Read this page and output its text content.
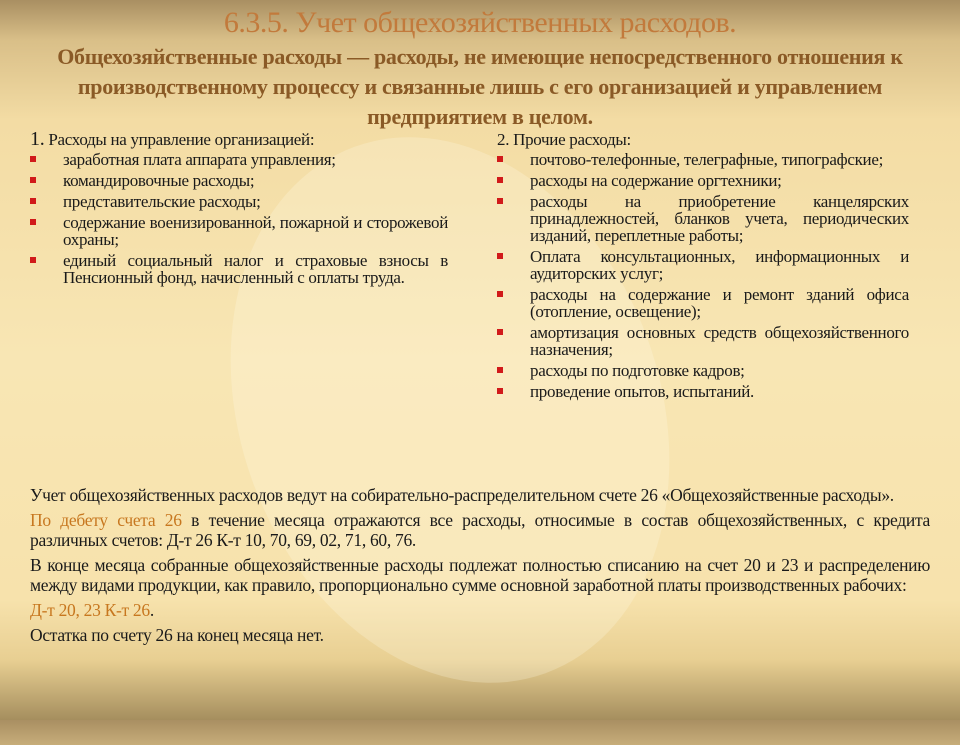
6.3.5. Учет общехозяйственных расходов.
Общехозяйственные расходы — расходы, не имеющие непосредственного отношения к производственному процессу и связанные лишь с его организацией и управлением предприятием в целом.
1. Расходы на управление организацией:
заработная плата аппарата управления;
командировочные расходы;
представительские расходы;
содержание военизированной, пожарной и сторожевой охраны;
единый социальный налог и страховые взносы в Пенсионный фонд, начисленный с оплаты труда.
2. Прочие расходы:
почтово-телефонные, телеграфные, типографские;
расходы на содержание оргтехники;
расходы на приобретение канцелярских принадлежностей, бланков учета, периодических изданий, переплетные работы;
Оплата консультационных, информационных и аудиторских услуг;
расходы на содержание и ремонт зданий офиса (отопление, освещение);
амортизация основных средств общехозяйственного назначения;
расходы по подготовке кадров;
проведение опытов, испытаний.

Учет общехозяйственных расходов ведут на собирательно-распределительном счете 26 «Общехозяйственные расходы».

По дебету счета 26 в течение месяца отражаются все расходы, относимые в состав общехозяйственных, с кредита различных счетов: Д-т 26 К-т 10, 70, 69, 02, 71, 60, 76.

В конце месяца собранные общехозяйственные расходы подлежат полностью списанию на счет 20 и 23 и распределению между видами продукции, как правило, пропорционально сумме основной заработной платы производственных рабочих:

Д-т 20, 23 К-т 26.

Остатка по счету 26 на конец месяца нет.
